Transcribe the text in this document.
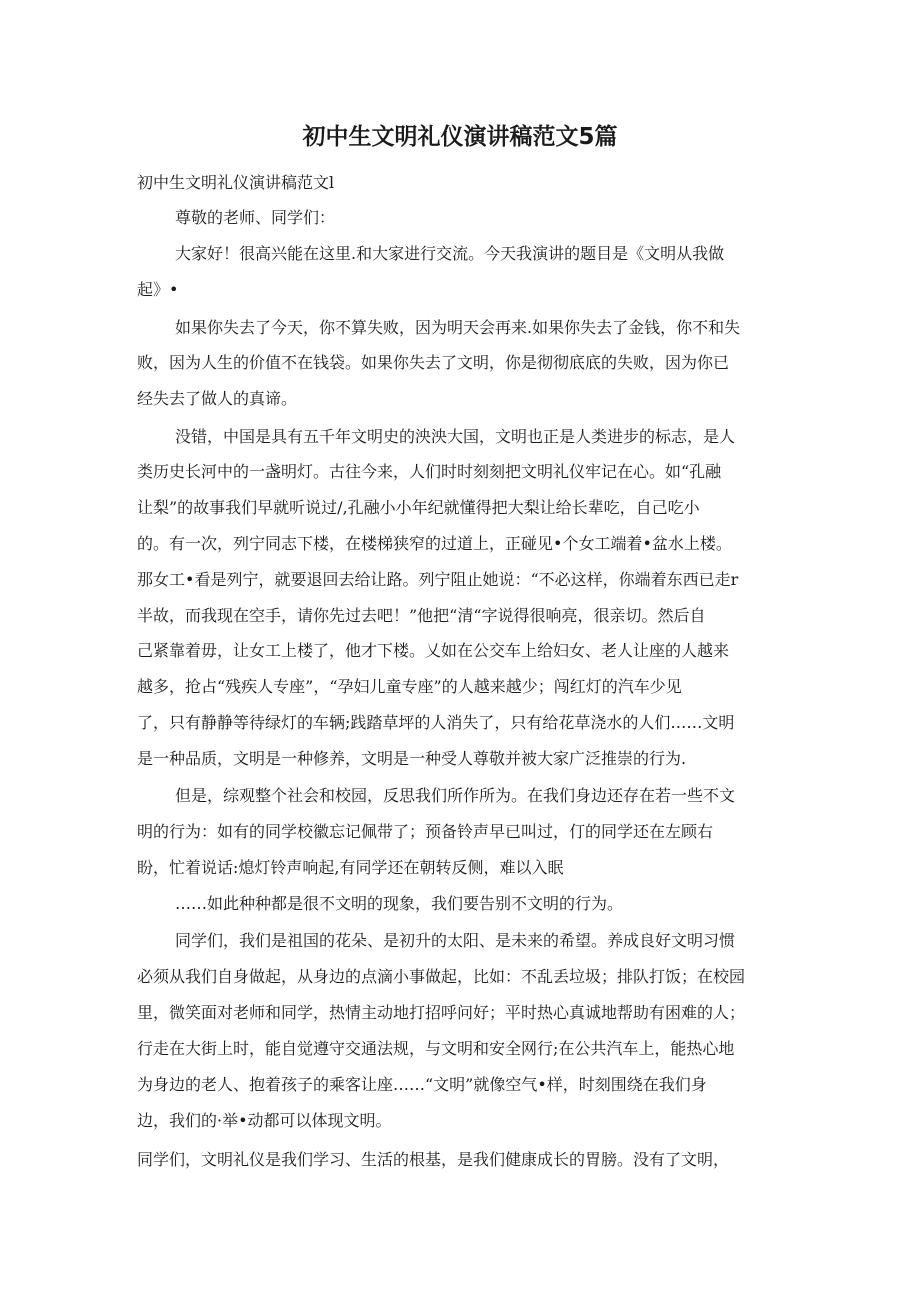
初中生文明礼仪演讲稿范文5篇

初中生文明礼仪演讲稿范文l

尊敬的老师、同学们：

大家好！很高兴能在这里.和大家进行交流。今天我演讲的题目是《文明从我做

起》•

如果你失去了今天，你不算失败，因为明天会再来.如果你失去了金钱，你不和失

败，因为人生的价值不在钱袋。如果你失去了文明，你是彻彻底底的失败，因为你已

经失去了做人的真谛。

没错，中国是具有五千年文明史的泱泱大国，文明也正是人类进步的标志，是人

类历史长河中的一盏明灯。古往今来，人们时时刻刻把文明礼仪牢记在心。如“孔融

让梨”的故事我们早就听说过/,孔融小小年纪就懂得把大梨让给长辈吃，自己吃小

的。有一次，列宁同志下楼，在楼梯狭窄的过道上，正碰见•个女工端着•盆水上楼。

那女工•看是列宁，就要退回去给让路。列宁阻止她说：“不必这样，你端着东西已走r

半故，而我现在空手，请你先过去吧！”他把“清“字说得很响亮，很亲切。然后自

己紧靠着毋，让女工上楼了，他才下楼。乂如在公交车上给妇女、老人让座的人越来

越多，抢占“残疾人专座”，“孕妇儿童专座”的人越来越少；闯红灯的汽车少见

了，只有静静等待绿灯的车辆;践踏草坪的人消失了，只有给花草浇水的人们……文明

是一种品质，文明是一种修养，文明是一种受人尊敬并被大家广泛推崇的行为.

但是，综观整个社会和校园，反思我们所作所为。在我们身边还存在若一些不文

明的行为：如有的同学校徽忘记佩带了；预备铃声早已叫过，仃的同学还在左顾右

盼，忙着说话:熄灯铃声响起,有同学还在朝转反侧，难以入眠

……如此种种都是很不文明的现象，我们要告别不文明的行为。

同学们，我们是祖国的花朵、是初升的太阳、是未来的希望。养成良好文明习惯

必须从我们自身做起，从身边的点滴小事做起，比如：不乱丢垃圾；排队打饭；在校园

里，微笑面对老师和同学，热情主动地打招呼问好；平时热心真诚地帮助有困难的人；

行走在大街上时，能自觉遵守交通法规，与文明和安全网行;在公共汽车上，能热心地

为身边的老人、抱着孩子的乘客让座……“文明”就像空气•样，时刻围绕在我们身

边，我们的·举•动都可以体现文明。

同学们，文明礼仪是我们学习、生活的根基，是我们健康成长的胃膀。没有了文明，
